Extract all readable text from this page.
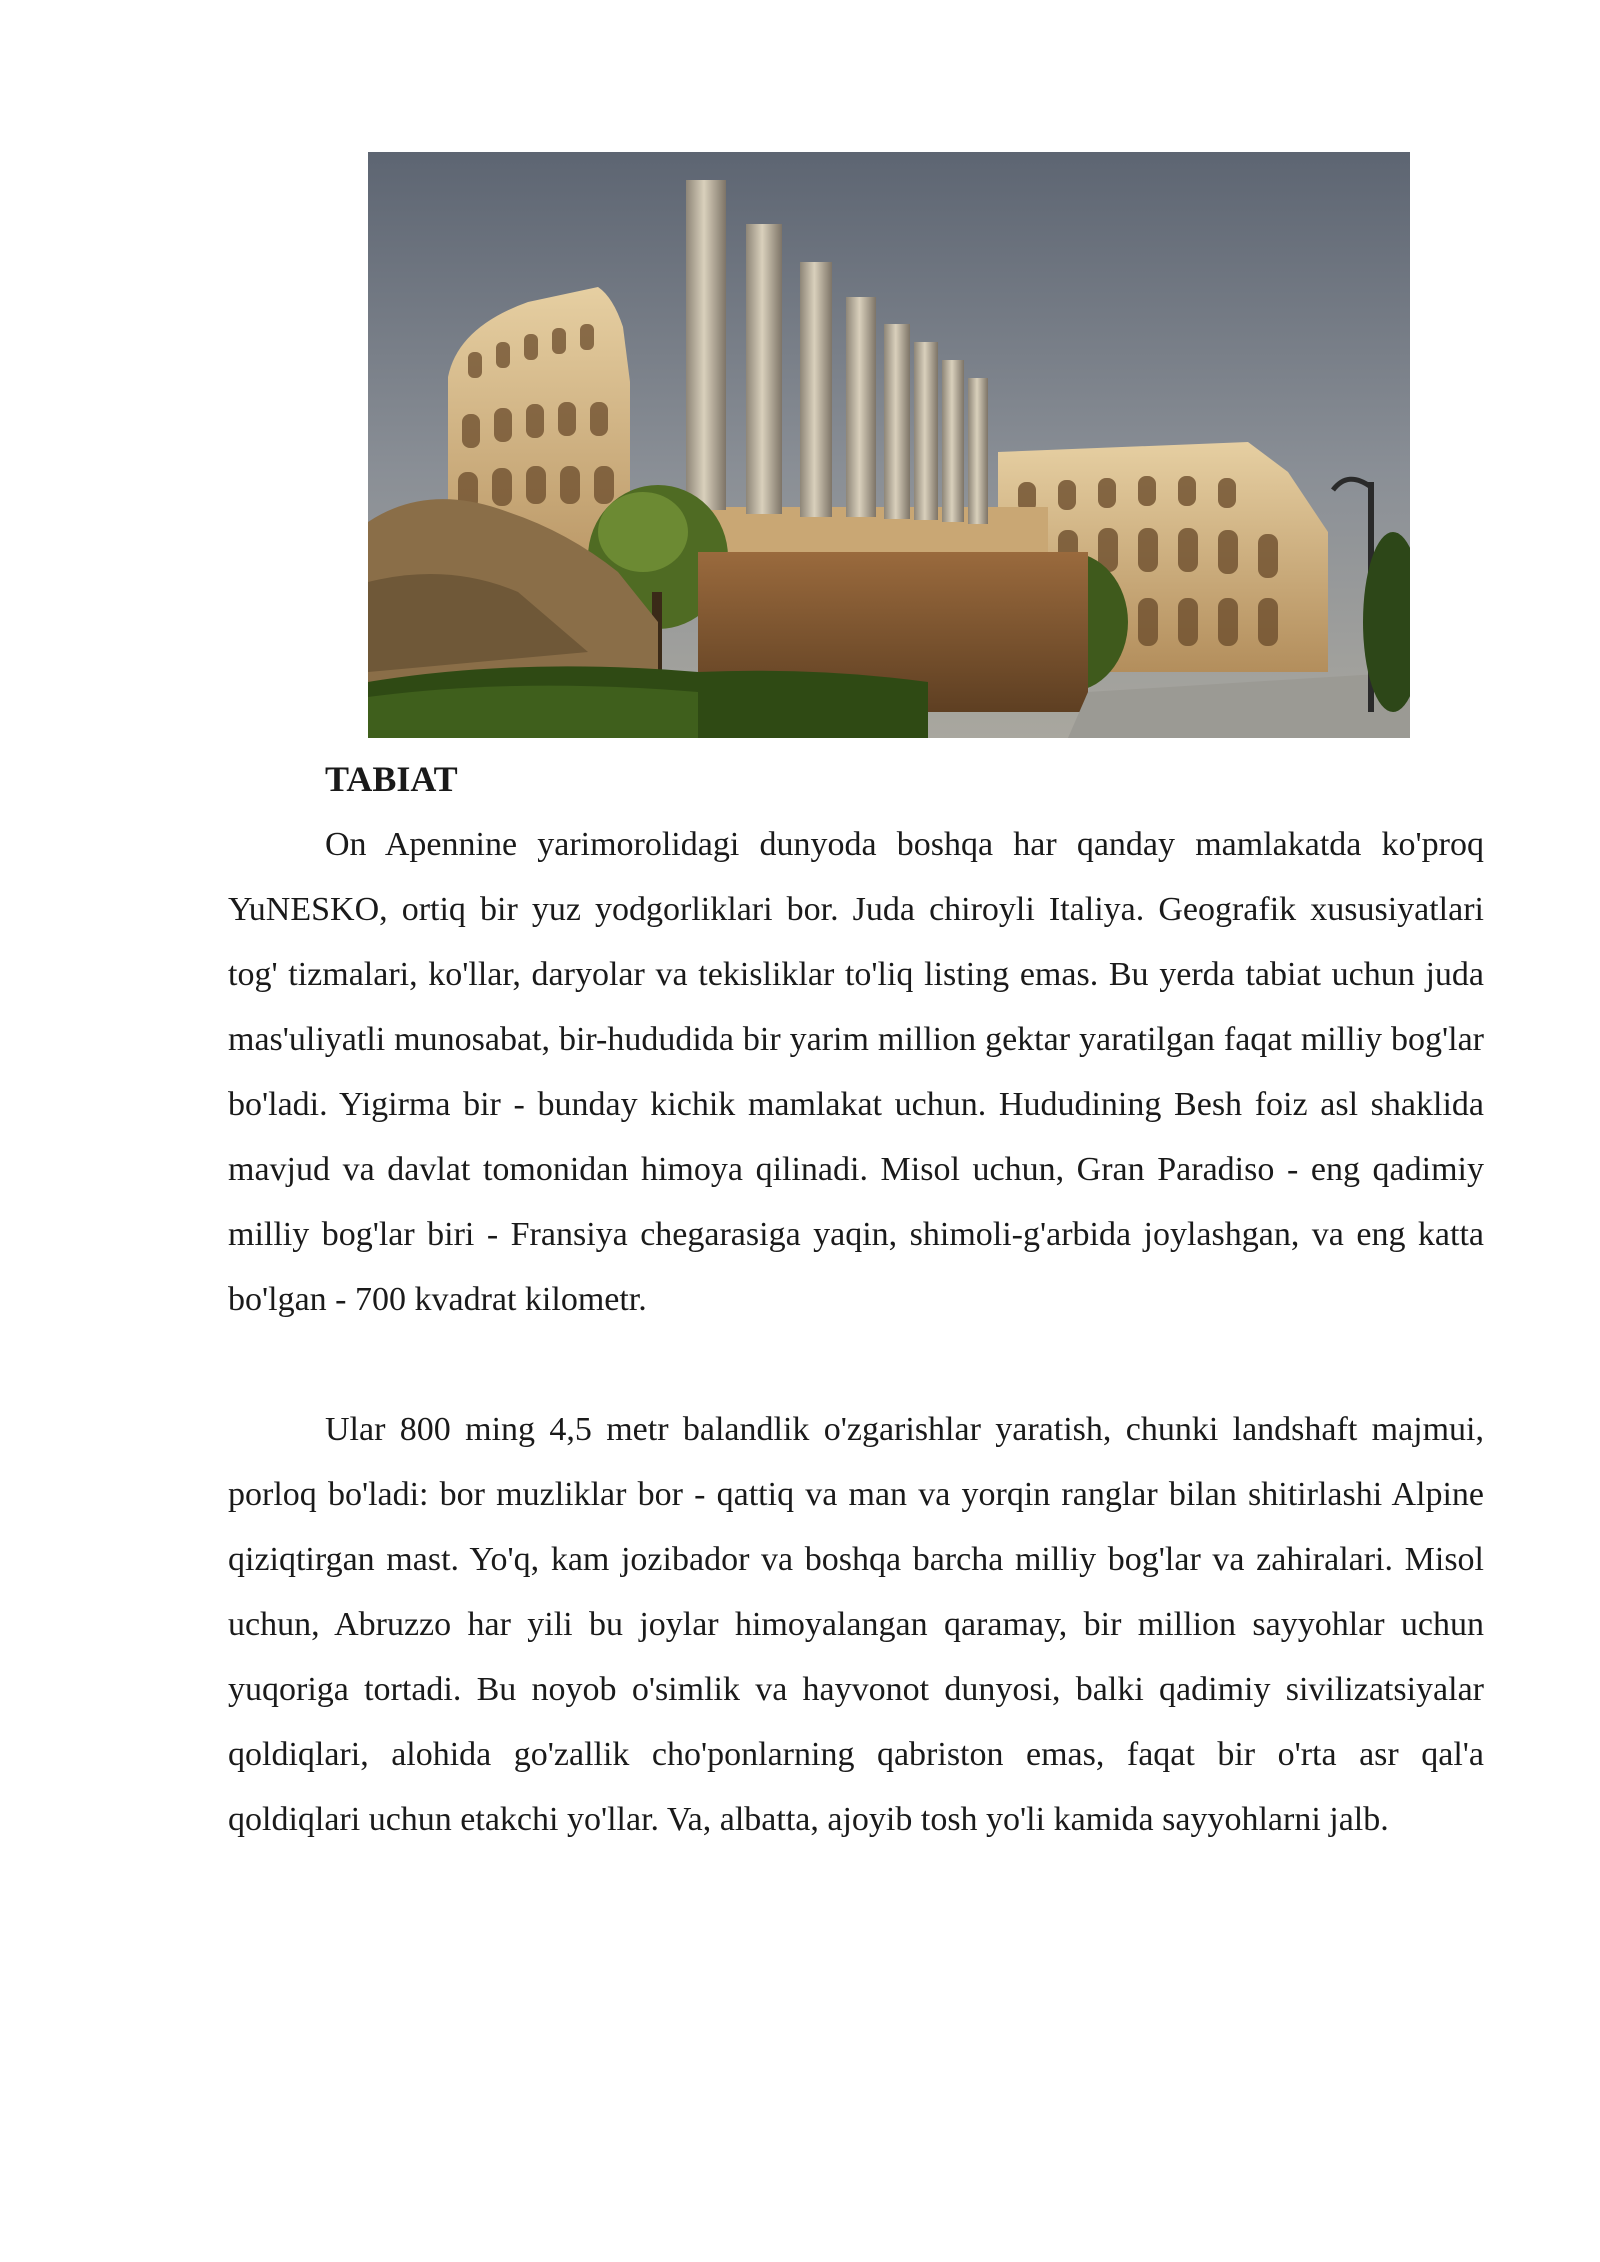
TABIAT

On Apennine yarimorolidagi dunyoda boshqa har qanday mamlakatda ko'proq YuNESKO, ortiq bir yuz yodgorliklari bor. Juda chiroyli Italiya. Geografik xususiyatlari tog' tizmalari, ko'llar, daryolar va tekisliklar to'liq listing emas. Bu yerda tabiat uchun juda mas'uliyatli munosabat, bir-hududida bir yarim million gektar yaratilgan faqat milliy bog'lar bo'ladi. Yigirma bir - bunday kichik mamlakat uchun. Hududining Besh foiz asl shaklida mavjud va davlat tomonidan himoya qilinadi. Misol uchun, Gran Paradiso - eng qadimiy milliy bog'lar biri - Fransiya chegarasiga yaqin, shimoli-g'arbida joylashgan, va eng katta bo'lgan - 700 kvadrat kilometr.

Ular 800 ming 4,5 metr balandlik o'zgarishlar yaratish, chunki landshaft majmui, porloq bo'ladi: bor muzliklar bor - qattiq va man va yorqin ranglar bilan shitirlashi Alpine qiziqtirgan mast. Yo'q, kam jozibador va boshqa barcha milliy bog'lar va zahiralari. Misol uchun, Abruzzo har yili bu joylar himoyalangan qaramay, bir million sayyohlar uchun yuqoriga tortadi. Bu noyob o'simlik va hayvonot dunyosi, balki qadimiy sivilizatsiyalar qoldiqlari, alohida go'zallik cho'ponlarning qabriston emas, faqat bir o'rta asr qal'a qoldiqlari uchun etakchi yo'llar. Va, albatta, ajoyib tosh yo'li kamida sayyohlarni jalb.
